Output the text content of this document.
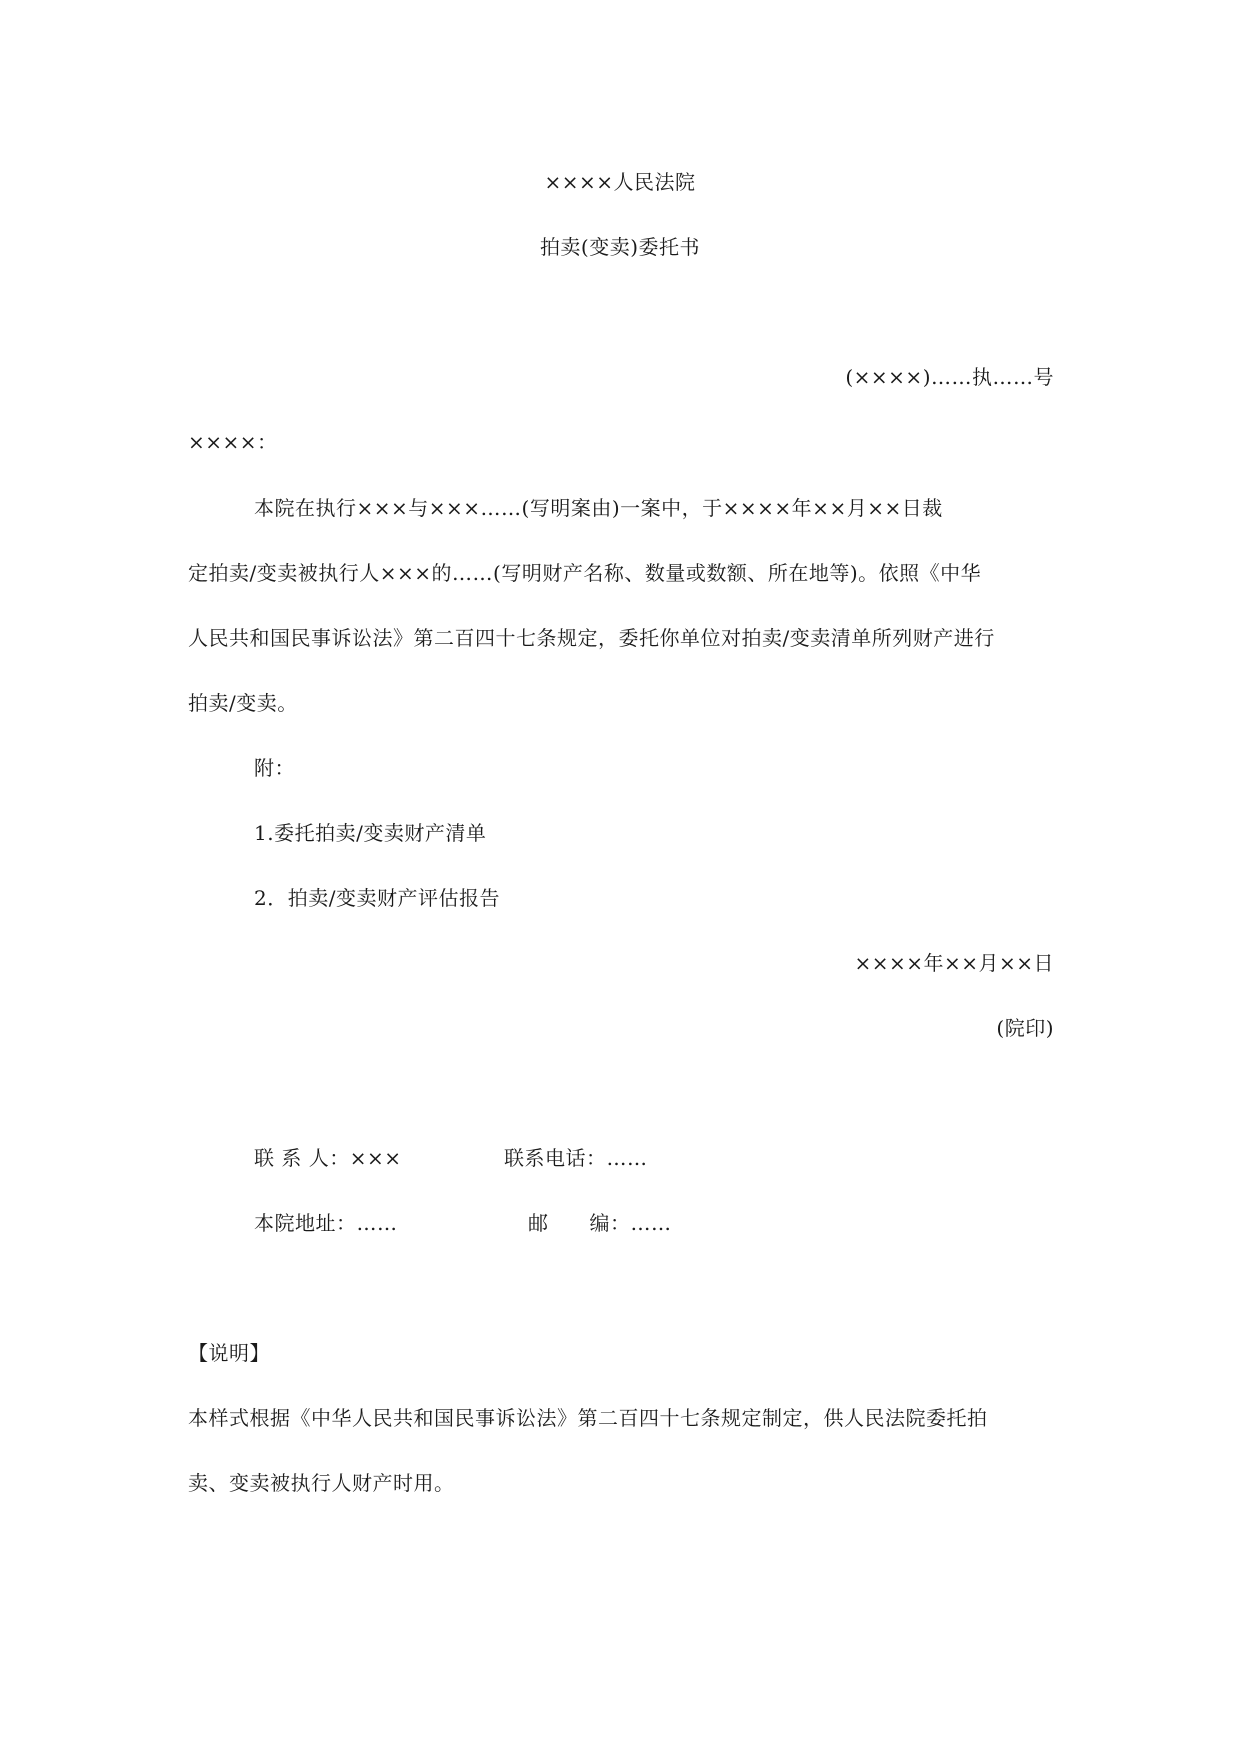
××××人民法院
拍卖(变卖)委托书
(××××)……执……号
××××：
本院在执行×××与×××……(写明案由)一案中，于××××年××月××日裁
定拍卖/变卖被执行人×××的……(写明财产名称、数量或数额、所在地等)。依照《中华
人民共和国民事诉讼法》第二百四十七条规定，委托你单位对拍卖/变卖清单所列财产进行
拍卖/变卖。
附：
1.委托拍卖/变卖财产清单
2．拍卖/变卖财产评估报告
××××年××月××日
(院印)
联 系 人：×××	联系电话：……
本院地址：……	邮　　编：……
【说明】
本样式根据《中华人民共和国民事诉讼法》第二百四十七条规定制定，供人民法院委托拍
卖、变卖被执行人财产时用。
